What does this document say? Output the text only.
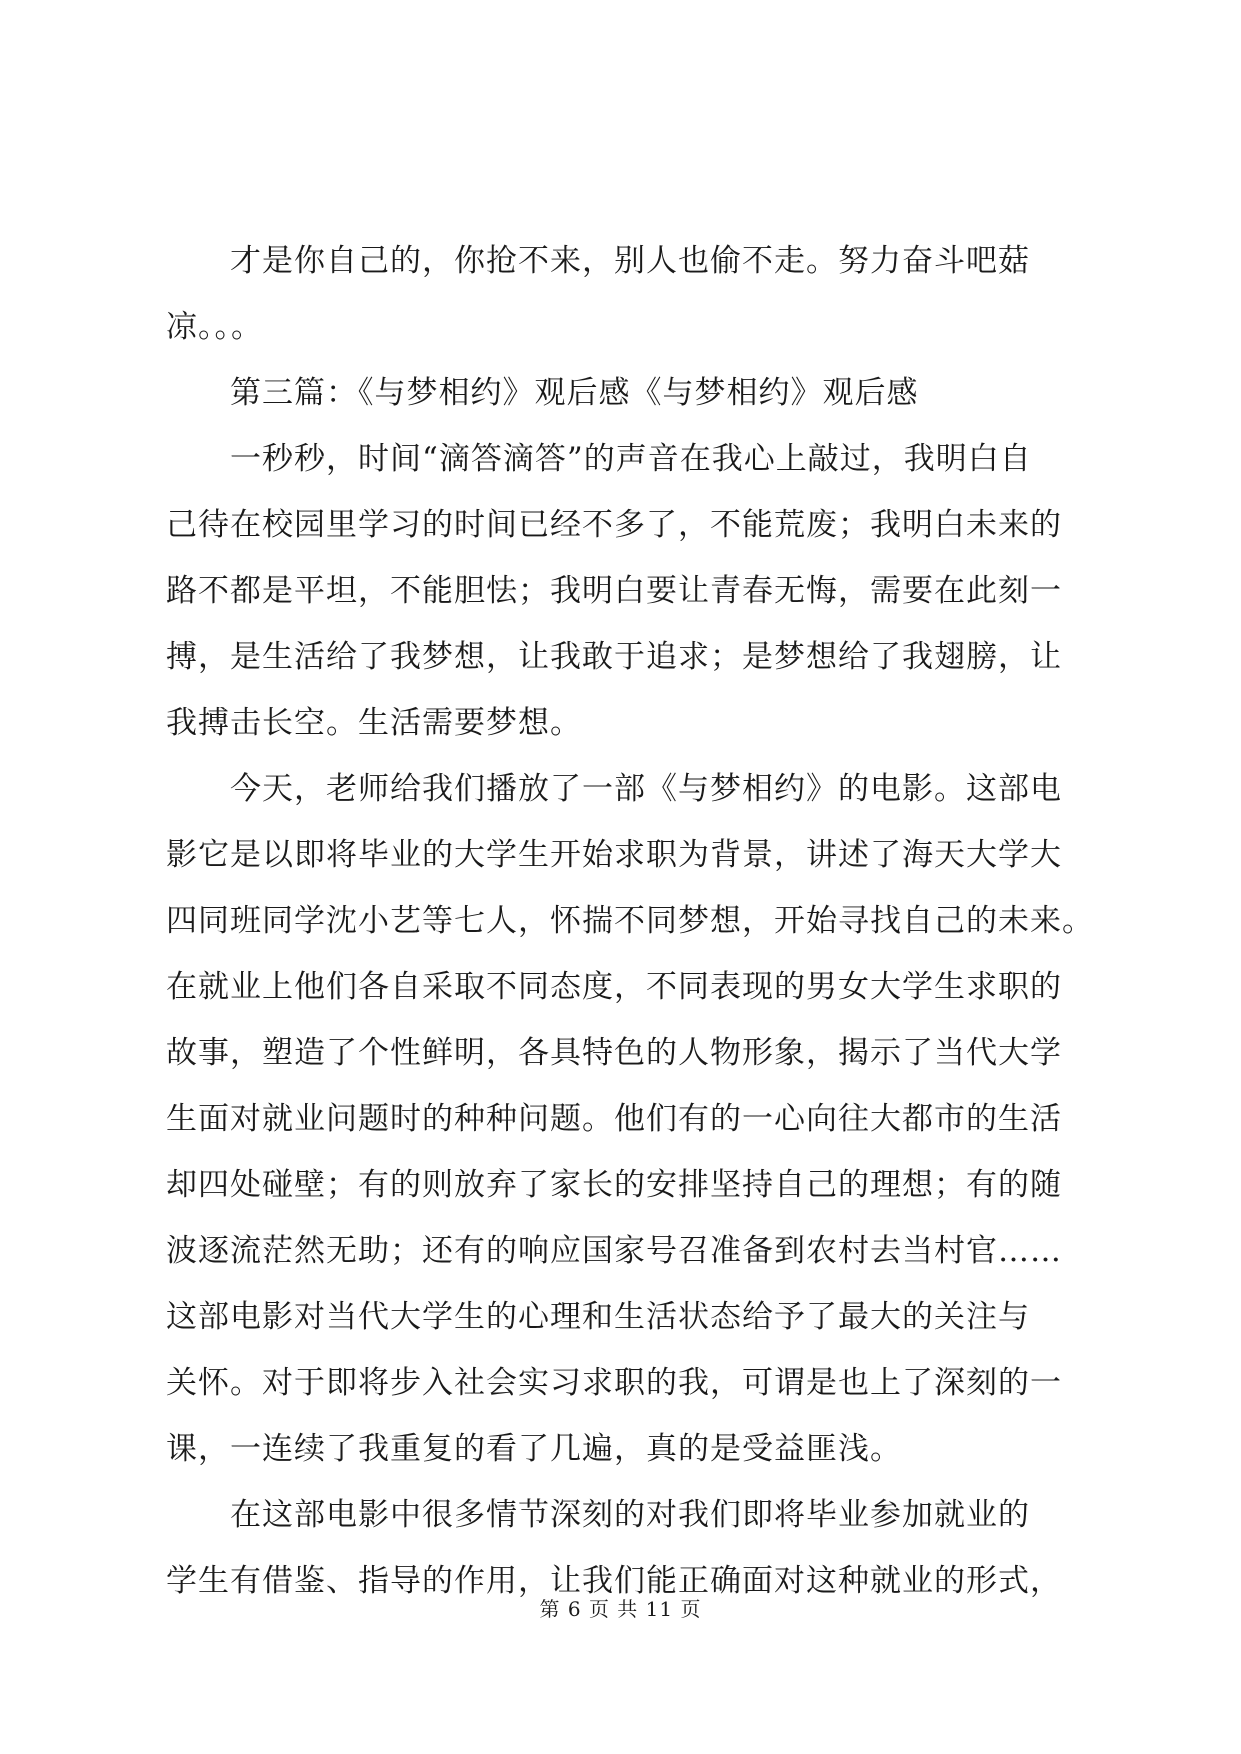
才是你自己的，你抢不来，别人也偷不走。努力奋斗吧菇
凉。。。
第三篇：《与梦相约》观后感《与梦相约》观后感
一秒秒，时间“滴答滴答”的声音在我心上敲过，我明白自
己待在校园里学习的时间已经不多了，不能荒废；我明白未来的
路不都是平坦，不能胆怯；我明白要让青春无悔，需要在此刻一
搏，是生活给了我梦想，让我敢于追求；是梦想给了我翅膀，让
我搏击长空。生活需要梦想。
今天，老师给我们播放了一部《与梦相约》的电影。这部电
影它是以即将毕业的大学生开始求职为背景，讲述了海天大学大
四同班同学沈小艺等七人，怀揣不同梦想，开始寻找自己的未来。
在就业上他们各自采取不同态度，不同表现的男女大学生求职的
故事，塑造了个性鲜明，各具特色的人物形象，揭示了当代大学
生面对就业问题时的种种问题。他们有的一心向往大都市的生活
却四处碰壁；有的则放弃了家长的安排坚持自己的理想；有的随
波逐流茫然无助；还有的响应国家号召准备到农村去当村官……
这部电影对当代大学生的心理和生活状态给予了最大的关注与
关怀。对于即将步入社会实习求职的我，可谓是也上了深刻的一
课，一连续了我重复的看了几遍，真的是受益匪浅。
在这部电影中很多情节深刻的对我们即将毕业参加就业的
学生有借鉴、指导的作用，让我们能正确面对这种就业的形式，
第 6 页 共 11 页
